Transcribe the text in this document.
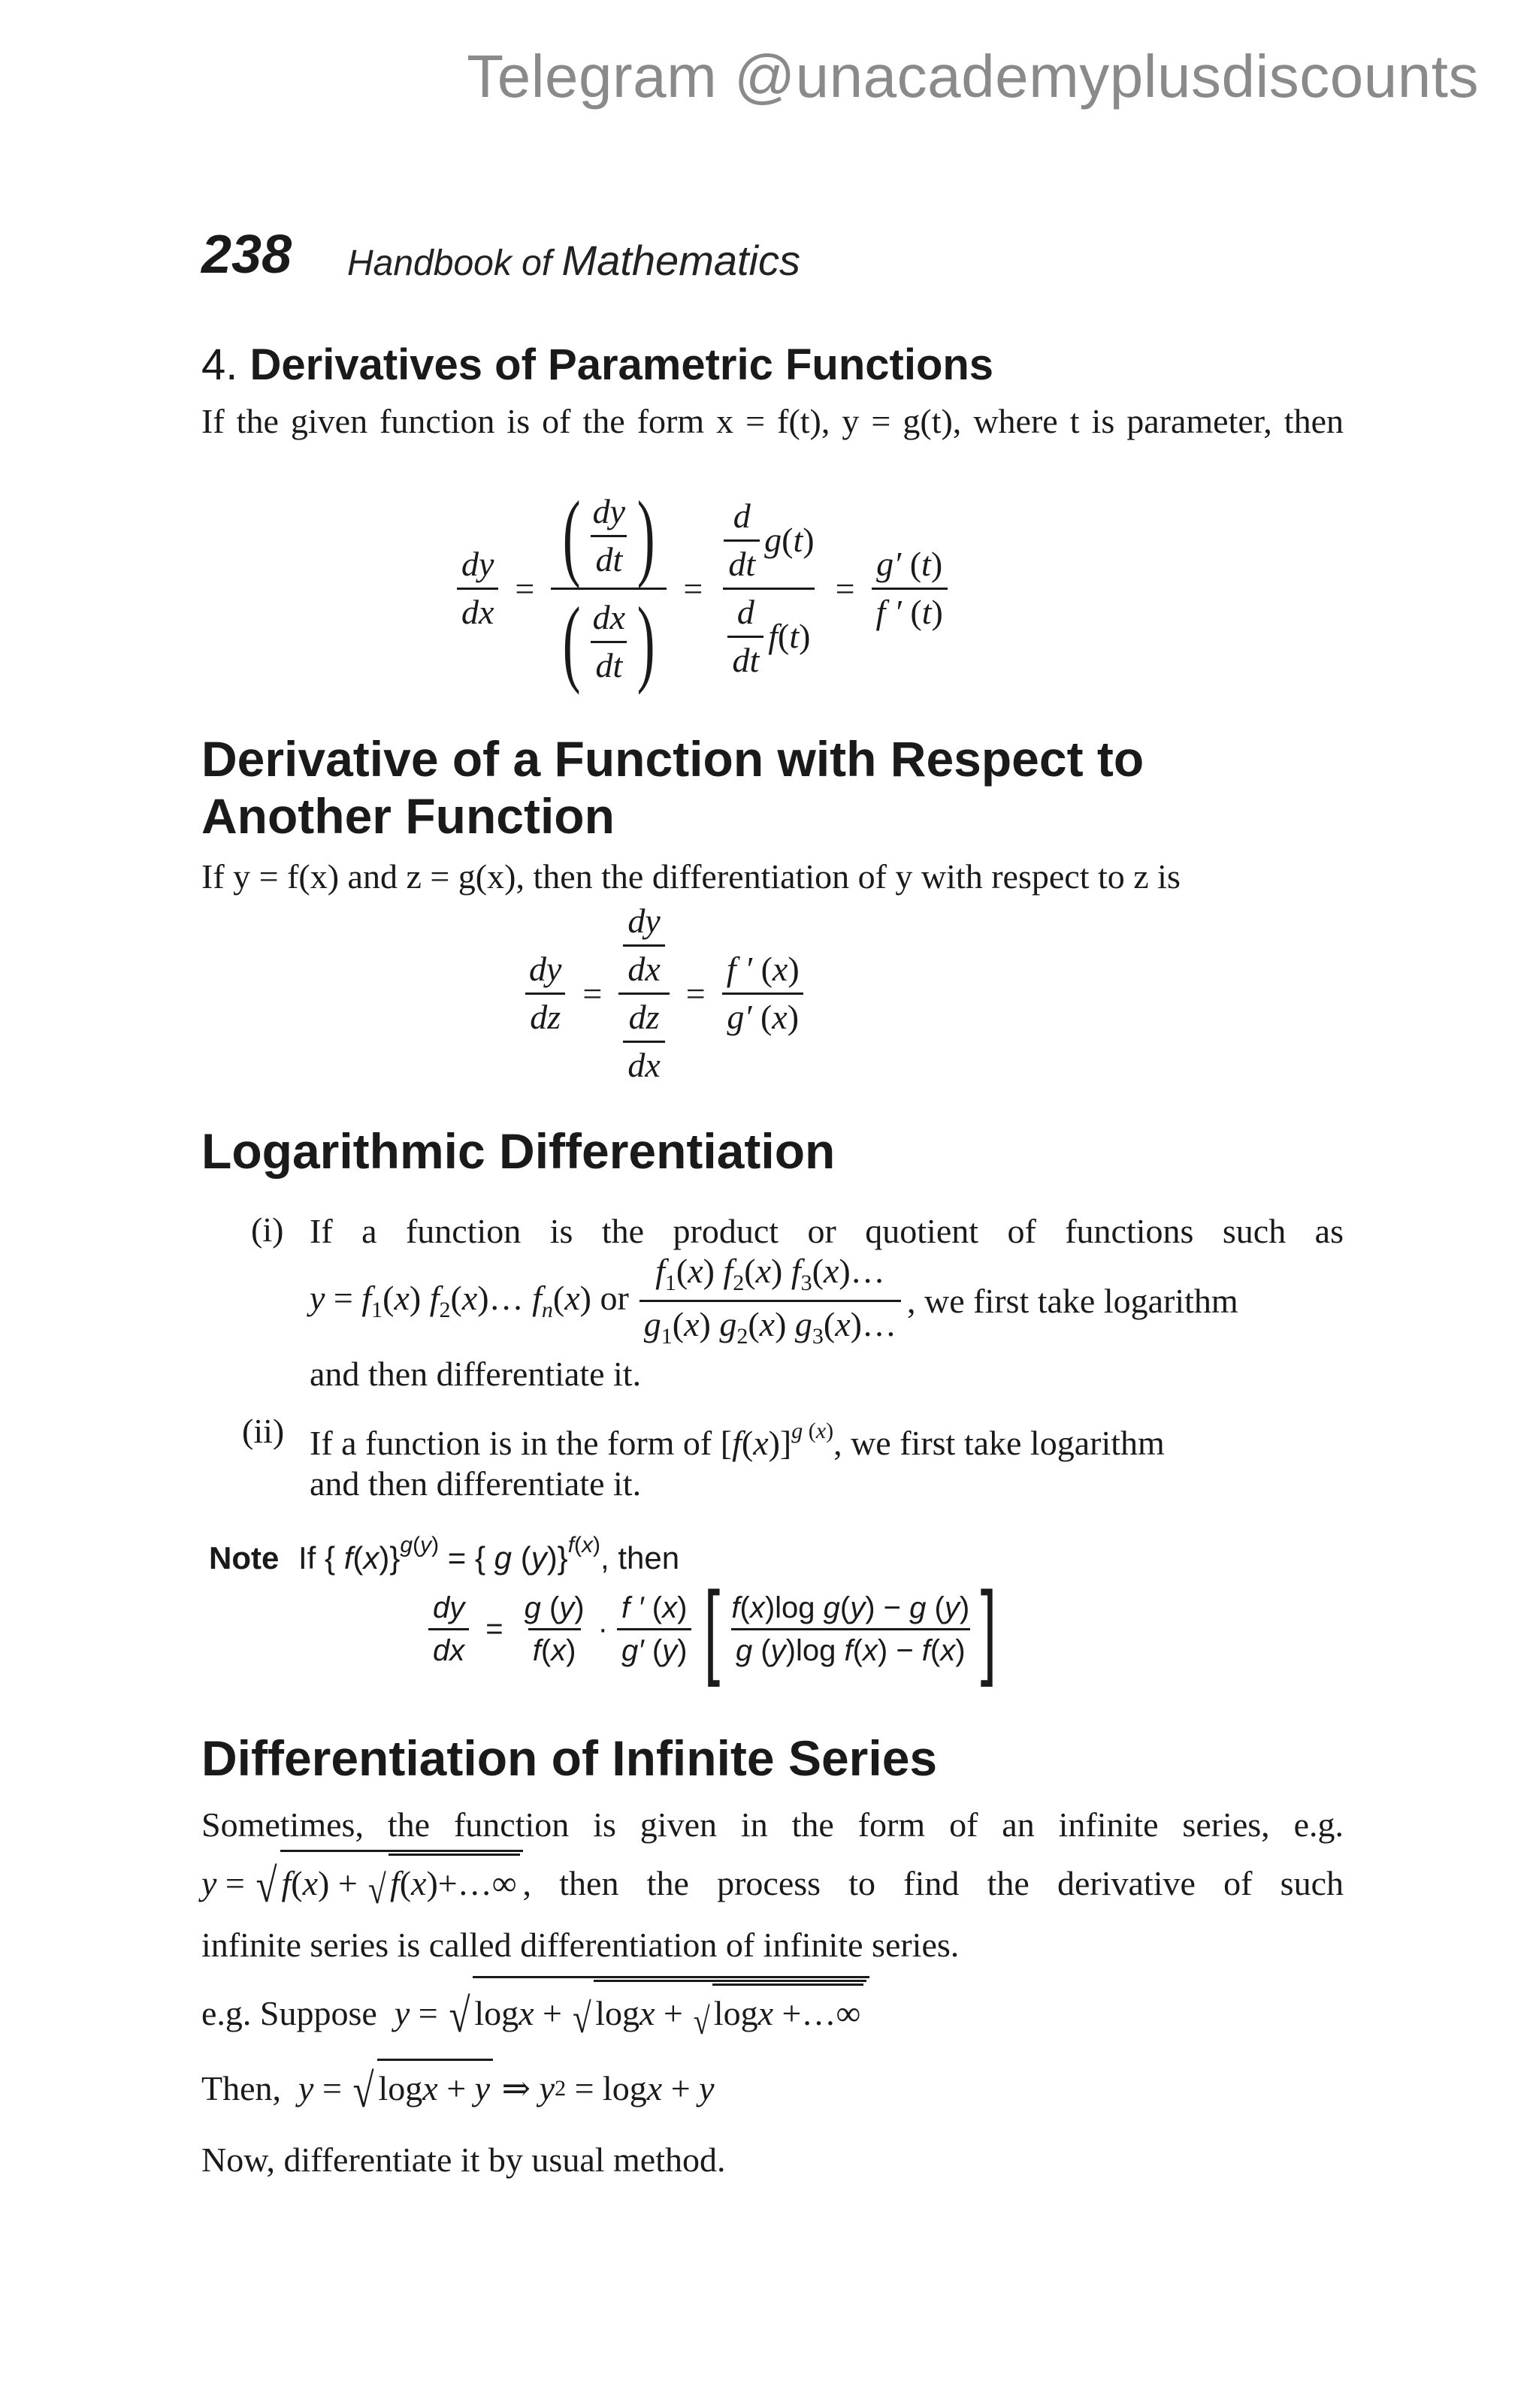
Telegram @unacademyplusdiscounts
238 Handbook of Mathematics
4. Derivatives of Parametric Functions
If the given function is of the form x = f(t), y = g(t), where t is parameter, then
$\frac{dy}{dx} = \frac{( \frac{dy}{dt} )}{( \frac{dx}{dt} )} = \frac{\frac{d}{dt} g ( t )}{\frac{d}{dt} f ( t )} = \frac{g' (t)}{f ' (t)}$
Derivative of a Function with Respect to
Another Function
If y = f(x) and z = g(x), then the differentiation of y with respect to z is
$\frac{dy}{dz} = \frac{\frac{dy}{dx}}{\frac{dz}{dx}} = \frac{f ' (x)}{g' (x)}$
Logarithmic Differentiation
(i) If a function is the product or quotient of functions such as
$y = f_1(x)$ $f_2(x)\dots$ $f_n(x)$ or $\frac{f_1(x) f_2(x) f_3(x)\dots}{g_1(x) g_2(x) g_3(x)\dots}$ , we first take logarithm
and then differentiate it.
(ii) If a function is in the form of $[f(x)]^{g (x)}$, we first take logarithm
and then differentiate it.
Note If { f(x)}$^{g(y)}$ = { g (y)}$^{f(x)}$, then
$\frac{dy}{dx} = \frac{g (y)}{f(x)} \cdot \frac{f ' (x)}{g' (y)}$ [ $\frac{\text{f(x)log g(y) − g (y)}}{\text{g (y)log f(x) − f(x)}}$ ]
Differentiation of Infinite Series
Sometimes, the function is given in the form of an infinite series, e.g.
y = √ f ( x ) + √ f ( x )+…∞ , then the process to find the derivative of such
infinite series is called differentiation of infinite series.
e.g. Suppose
y = √ log x + √ log x + √ log x +…∞
Then,
y = √ log x + y ⇒ y 2 = log x + y
Now, differentiate it by usual method.
